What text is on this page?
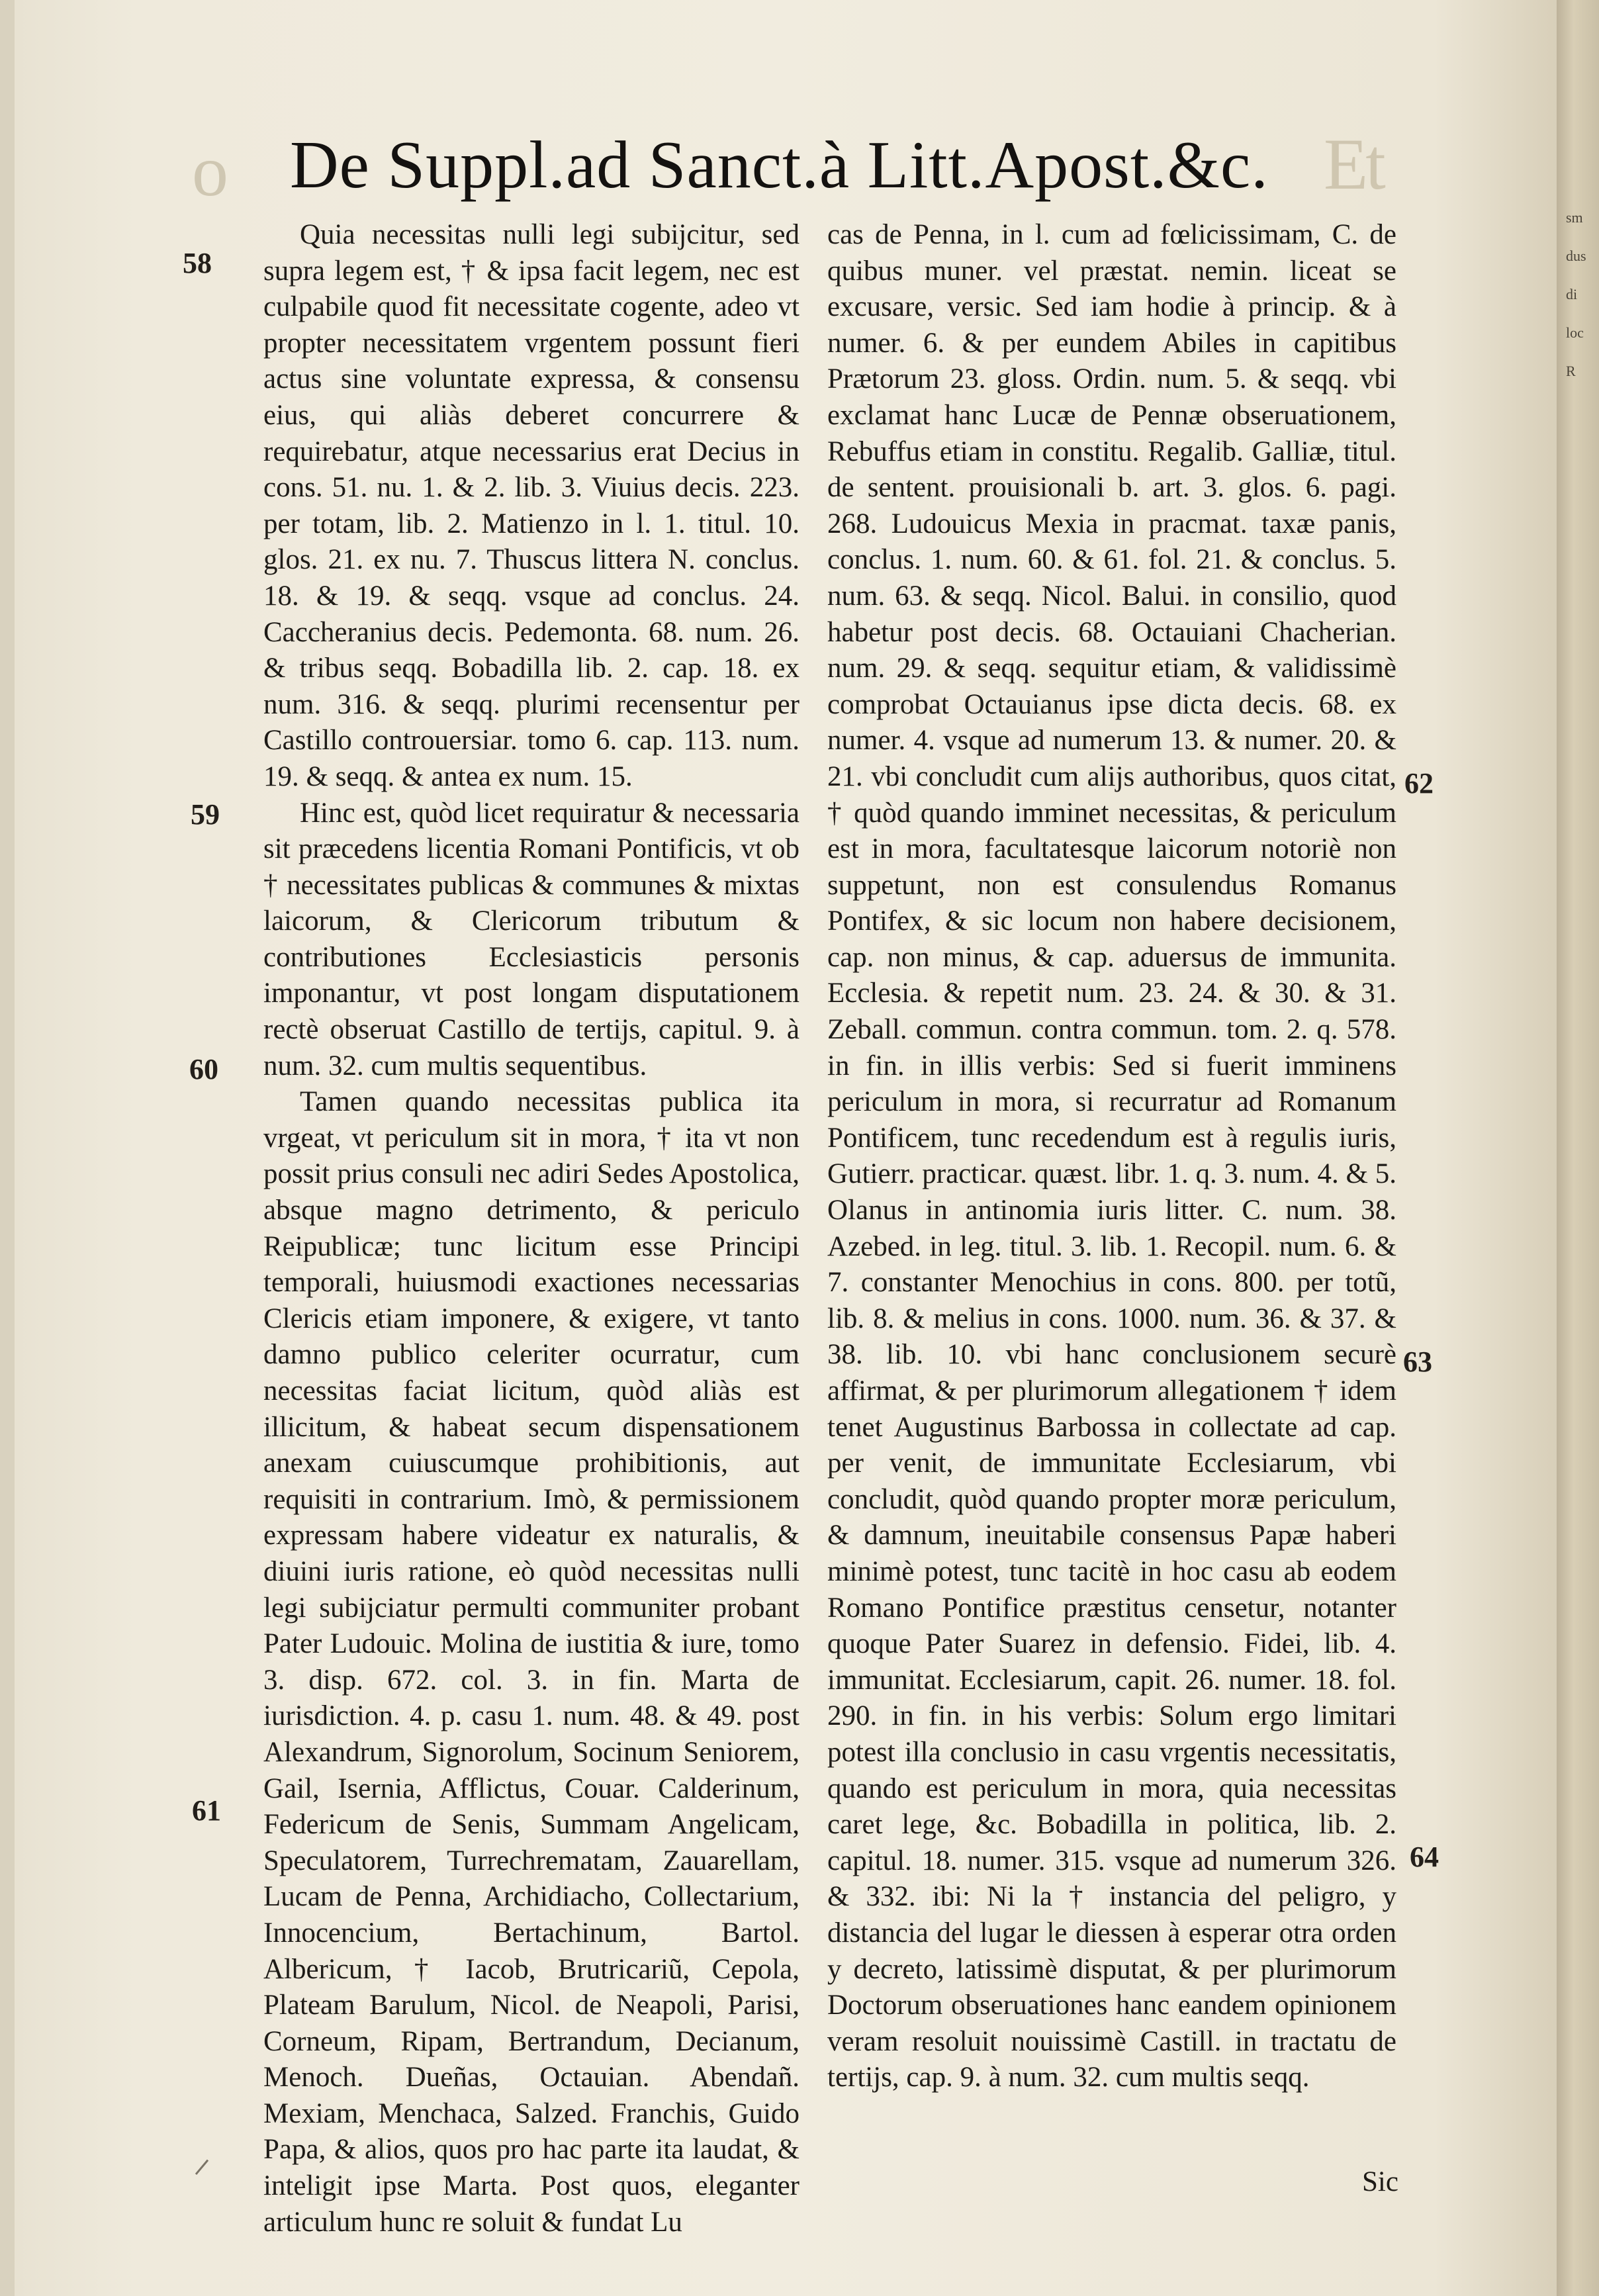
sm
dus
di
loc
R
o	Et
De Suppl.ad Sanct.à Litt.Apost.&c.

Quia necessitas nulli legi subijcitur, sed supra legem est, † & ipsa facit legem, nec est culpabile quod fit necessitate cogente, adeo vt propter necessitatem vrgentem possunt fieri actus sine voluntate expressa, & consensu eius, qui aliàs deberet concurrere & requirebatur, atque necessarius erat Decius in cons. 51. nu. 1. & 2. lib. 3. Viuius decis. 223. per totam, lib. 2. Matienzo in l. 1. titul. 10. glos. 21. ex nu. 7. Thuscus littera N. conclus. 18. & 19. & seqq. vsque ad conclus. 24. Caccheranius decis. Pedemonta. 68. num. 26. & tribus seqq. Bobadilla lib. 2. cap. 18. ex num. 316. & seqq. plurimi recensentur per Castillo controuersiar. tomo 6. cap. 113. num. 19. & seqq. & antea ex num. 15.

Hinc est, quòd licet requiratur & necessaria sit præcedens licentia Romani Pontificis, vt ob † necessitates publicas & communes & mixtas laicorum, & Clericorum tributum & contributiones Ecclesiasticis personis imponantur, vt post longam disputationem rectè obseruat Castillo de tertijs, capitul. 9. à num. 32. cum multis sequentibus.

Tamen quando necessitas publica ita vrgeat, vt periculum sit in mora, † ita vt non possit prius consuli nec adiri Sedes Apostolica, absque magno detrimento, & periculo Reipublicæ; tunc licitum esse Principi temporali, huiusmodi exactiones necessarias Clericis etiam imponere, & exigere, vt tanto damno publico celeriter ocurratur, cum necessitas faciat licitum, quòd aliàs est illicitum, & habeat secum dispensationem anexam cuiuscumque prohibitionis, aut requisiti in contrarium. Imò, & permissionem expressam habere videatur ex naturalis, & diuini iuris ratione, eò quòd necessitas nulli legi subijciatur permulti communiter probant Pater Ludouic. Molina de iustitia & iure, tomo 3. disp. 672. col. 3. in fin. Marta de iurisdiction. 4. p. casu 1. num. 48. & 49. post Alexandrum, Signorolum, Socinum Seniorem, Gail, Isernia, Afflictus, Couar. Calderinum, Federicum de Senis, Summam Angelicam, Speculatorem, Turrechrematam, Zauarellam, Lucam de Penna, Archidiacho, Collectarium, Innocencium, Bertachinum, Bartol. Albericum, † Iacob, Brutricariũ, Cepola, Plateam Barulum, Nicol. de Neapoli, Parisi, Corneum, Ripam, Bertrandum, Decianum, Menoch. Dueñas, Octauian. Abendañ. Mexiam, Menchaca, Salzed. Franchis, Guido Papa, & alios, quos pro hac parte ita laudat, & inteligit ipse Marta. Post quos, eleganter articulum hunc re soluit & fundat Lu

cas de Penna, in l. cum ad fœlicissimam, C. de quibus muner. vel præstat. nemin. liceat se excusare, versic. Sed iam hodie à princip. & à numer. 6. & per eundem Abiles in capitibus Prætorum 23. gloss. Ordin. num. 5. & seqq. vbi exclamat hanc Lucæ de Pennæ obseruationem, Rebuffus etiam in constitu. Regalib. Galliæ, titul. de sentent. prouisionali b. art. 3. glos. 6. pagi. 268. Ludouicus Mexia in pracmat. taxæ panis, conclus. 1. num. 60. & 61. fol. 21. & conclus. 5. num. 63. & seqq. Nicol. Balui. in consilio, quod habetur post decis. 68. Octauiani Chacherian. num. 29. & seqq. sequitur etiam, & validissimè comprobat Octauianus ipse dicta decis. 68. ex numer. 4. vsque ad numerum 13. & numer. 20. & 21. vbi concludit cum alijs authoribus, quos citat, † quòd quando imminet necessitas, & periculum est in mora, facultatesque laicorum notoriè non suppetunt, non est consulendus Romanus Pontifex, & sic locum non habere decisionem, cap. non minus, & cap. aduersus de immunita. Ecclesia. & repetit num. 23. 24. & 30. & 31. Zeball. commun. contra commun. tom. 2. q. 578. in fin. in illis verbis: Sed si fuerit imminens periculum in mora, si recurratur ad Romanum Pontificem, tunc recedendum est à regulis iuris, Gutierr. practicar. quæst. libr. 1. q. 3. num. 4. & 5. Olanus in antinomia iuris litter. C. num. 38. Azebed. in leg. titul. 3. lib. 1. Recopil. num. 6. & 7. constanter Menochius in cons. 800. per totũ, lib. 8. & melius in cons. 1000. num. 36. & 37. & 38. lib. 10. vbi hanc conclusionem securè affirmat, & per plurimorum allegationem † idem tenet Augustinus Barbossa in collectate ad cap. per venit, de immunitate Ecclesiarum, vbi concludit, quòd quando propter moræ periculum, & damnum, ineuitabile consensus Papæ haberi minimè potest, tunc tacitè in hoc casu ab eodem Romano Pontifice præstitus censetur, notanter quoque Pater Suarez in defensio. Fidei, lib. 4. immunitat. Ecclesiarum, capit. 26. numer. 18. fol. 290. in fin. in his verbis: Solum ergo limitari potest illa conclusio in casu vrgentis necessitatis, quando est periculum in mora, quia necessitas caret lege, &c. Bobadilla in politica, lib. 2. capitul. 18. numer. 315. vsque ad numerum 326. & 332. ibi: Ni la † instancia del peligro, y distancia del lugar le diessen à esperar otra orden y decreto, latissimè disputat, & per plurimorum Doctorum obseruationes hanc eandem opinionem veram resoluit nouissimè Castill. in tractatu de tertijs, cap. 9. à num. 32. cum multis seqq.

58
59
60
61
62
63
64
Sic
